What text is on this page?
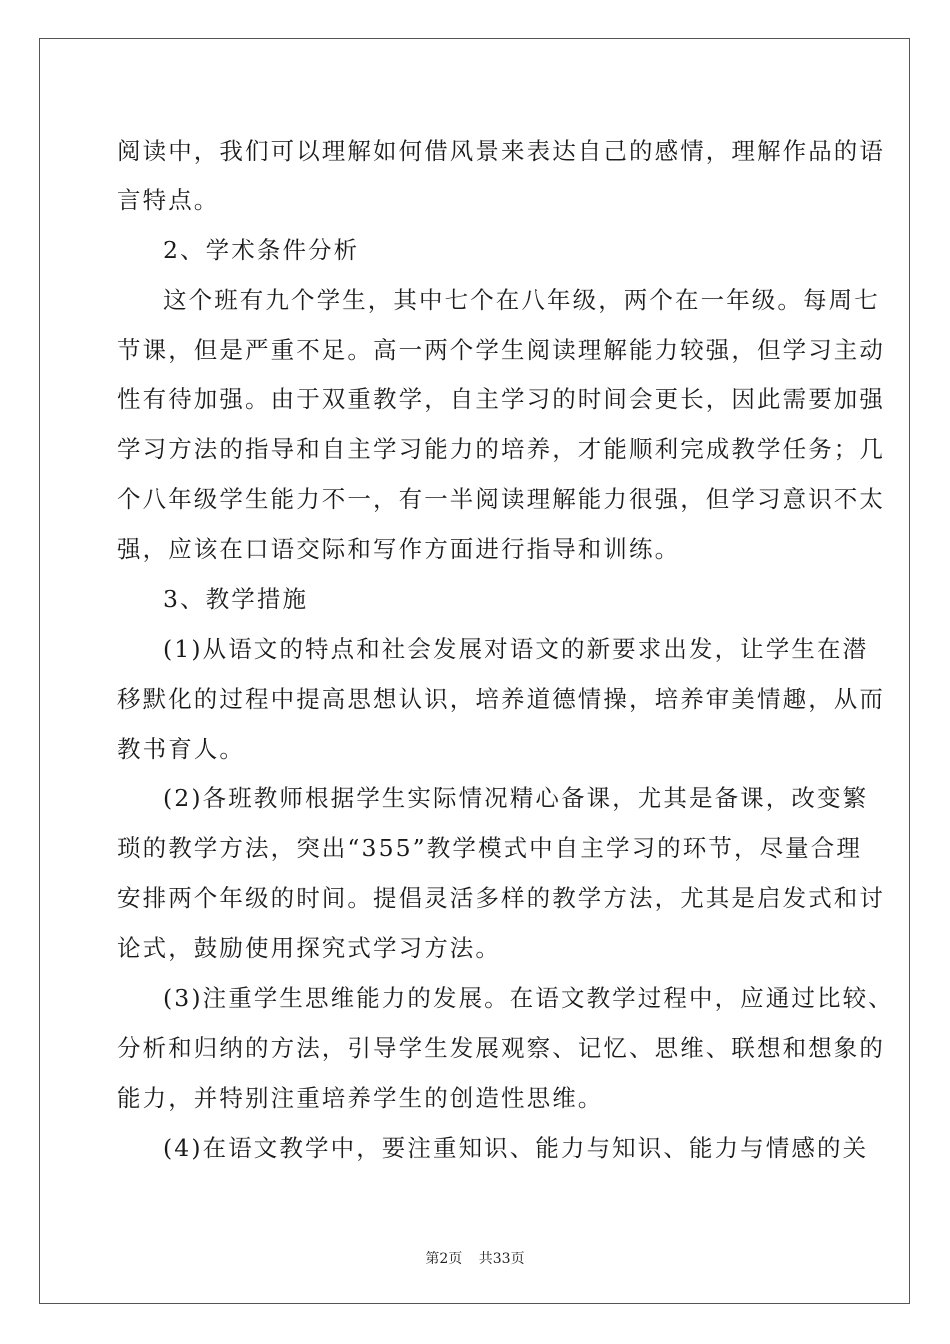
阅读中，我们可以理解如何借风景来表达自己的感情，理解作品的语
言特点。
2、学术条件分析
这个班有九个学生，其中七个在八年级，两个在一年级。每周七
节课，但是严重不足。高一两个学生阅读理解能力较强，但学习主动
性有待加强。由于双重教学，自主学习的时间会更长，因此需要加强
学习方法的指导和自主学习能力的培养，才能顺利完成教学任务；几
个八年级学生能力不一，有一半阅读理解能力很强，但学习意识不太
强，应该在口语交际和写作方面进行指导和训练。
3、教学措施
(1)从语文的特点和社会发展对语文的新要求出发，让学生在潜
移默化的过程中提高思想认识，培养道德情操，培养审美情趣，从而
教书育人。
(2)各班教师根据学生实际情况精心备课，尤其是备课，改变繁
琐的教学方法，突出“355”教学模式中自主学习的环节，尽量合理
安排两个年级的时间。提倡灵活多样的教学方法，尤其是启发式和讨
论式，鼓励使用探究式学习方法。
(3)注重学生思维能力的发展。在语文教学过程中，应通过比较、
分析和归纳的方法，引导学生发展观察、记忆、思维、联想和想象的
能力，并特别注重培养学生的创造性思维。
(4)在语文教学中，要注重知识、能力与知识、能力与情感的关
第2页 共33页
